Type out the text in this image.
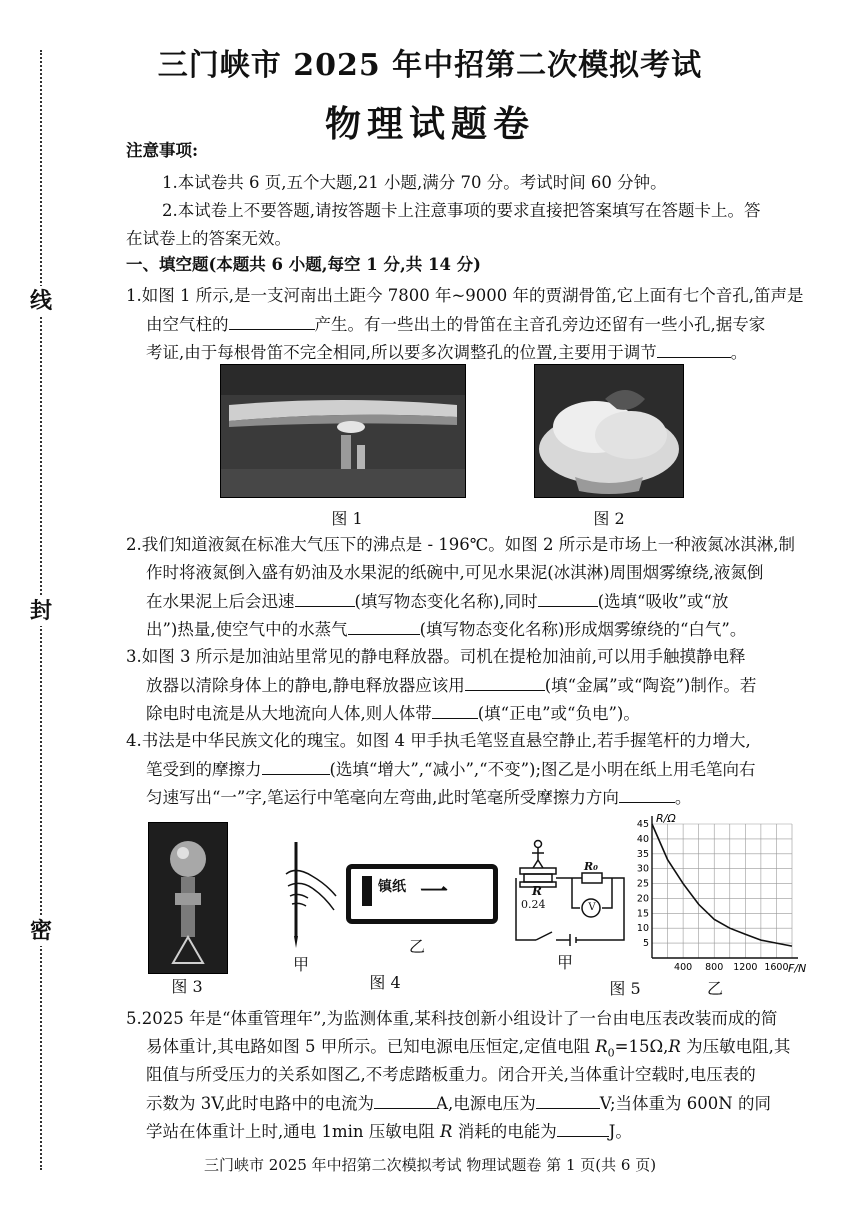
线
封
密
三门峡市 2025 年中招第二次模拟考试
物理试题卷
注意事项:
1.本试卷共 6 页,五个大题,21 小题,满分 70 分。考试时间 60 分钟。
2.本试卷上不要答题,请按答题卡上注意事项的要求直接把答案填写在答题卡上。答
在试卷上的答案无效。
一、填空题(本题共 6 小题,每空 1 分,共 14 分)
1.如图 1 所示,是一支河南出土距今 7800 年~9000 年的贾湖骨笛,它上面有七个音孔,笛声是
由空气柱的	产生。有一些出土的骨笛在主音孔旁边还留有一些小孔,据专家
考证,由于每根骨笛不完全相同,所以要多次调整孔的位置,主要用于调节	。
图 1	图 2
2.我们知道液氮在标准大气压下的沸点是 - 196℃。如图 2 所示是市场上一种液氮冰淇淋,制
作时将液氮倒入盛有奶油及水果泥的纸碗中,可见水果泥(冰淇淋)周围烟雾缭绕,液氮倒
在水果泥上后会迅速	(填写物态变化名称),同时	(选填“吸收”或“放
出”)热量,使空气中的水蒸气	(填写物态变化名称)形成烟雾缭绕的“白气”。
3.如图 3 所示是加油站里常见的静电释放器。司机在提枪加油前,可以用手触摸静电释
放器以清除身体上的静电,静电释放器应该用	(填“金属”或“陶瓷”)制作。若
除电时电流是从大地流向人体,则人体带	(填“正电”或“负电”)。
4.书法是中华民族文化的瑰宝。如图 4 甲手执毛笔竖直悬空静止,若手握笔杆的力增大,
笔受到的摩擦力	(选填“增大”,“减小”,“不变”);图乙是小明在纸上用毛笔向右
匀速写出“一”字,笔运行中笔毫向左弯曲,此时笔毫所受摩擦力方向	。
甲
镇纸 一
乙
图 4
图 3
R
0.24
R₀
V
甲
图 5
400 800 1200 1600
5
10
15
20
25
30
35
40
45 R/Ω
F/N
乙
5.2025 年是“体重管理年”,为监测体重,某科技创新小组设计了一台由电压表改装而成的简
易体重计,其电路如图 5 甲所示。已知电源电压恒定,定值电阻 $R_0=15\Omega,R$ 为压敏电阻,其
阻值与所受压力的关系如图乙,不考虑踏板重力。闭合开关,当体重计空载时,电压表的
示数为 3V,此时电路中的电流为	A,电源电压为	V;当体重为 600N 的同
学站在体重计上时,通电 1min 压敏电阻 R 消耗的电能为	J。
三门峡市 2025 年中招第二次模拟考试 物理试题卷 第 1 页(共 6 页)
